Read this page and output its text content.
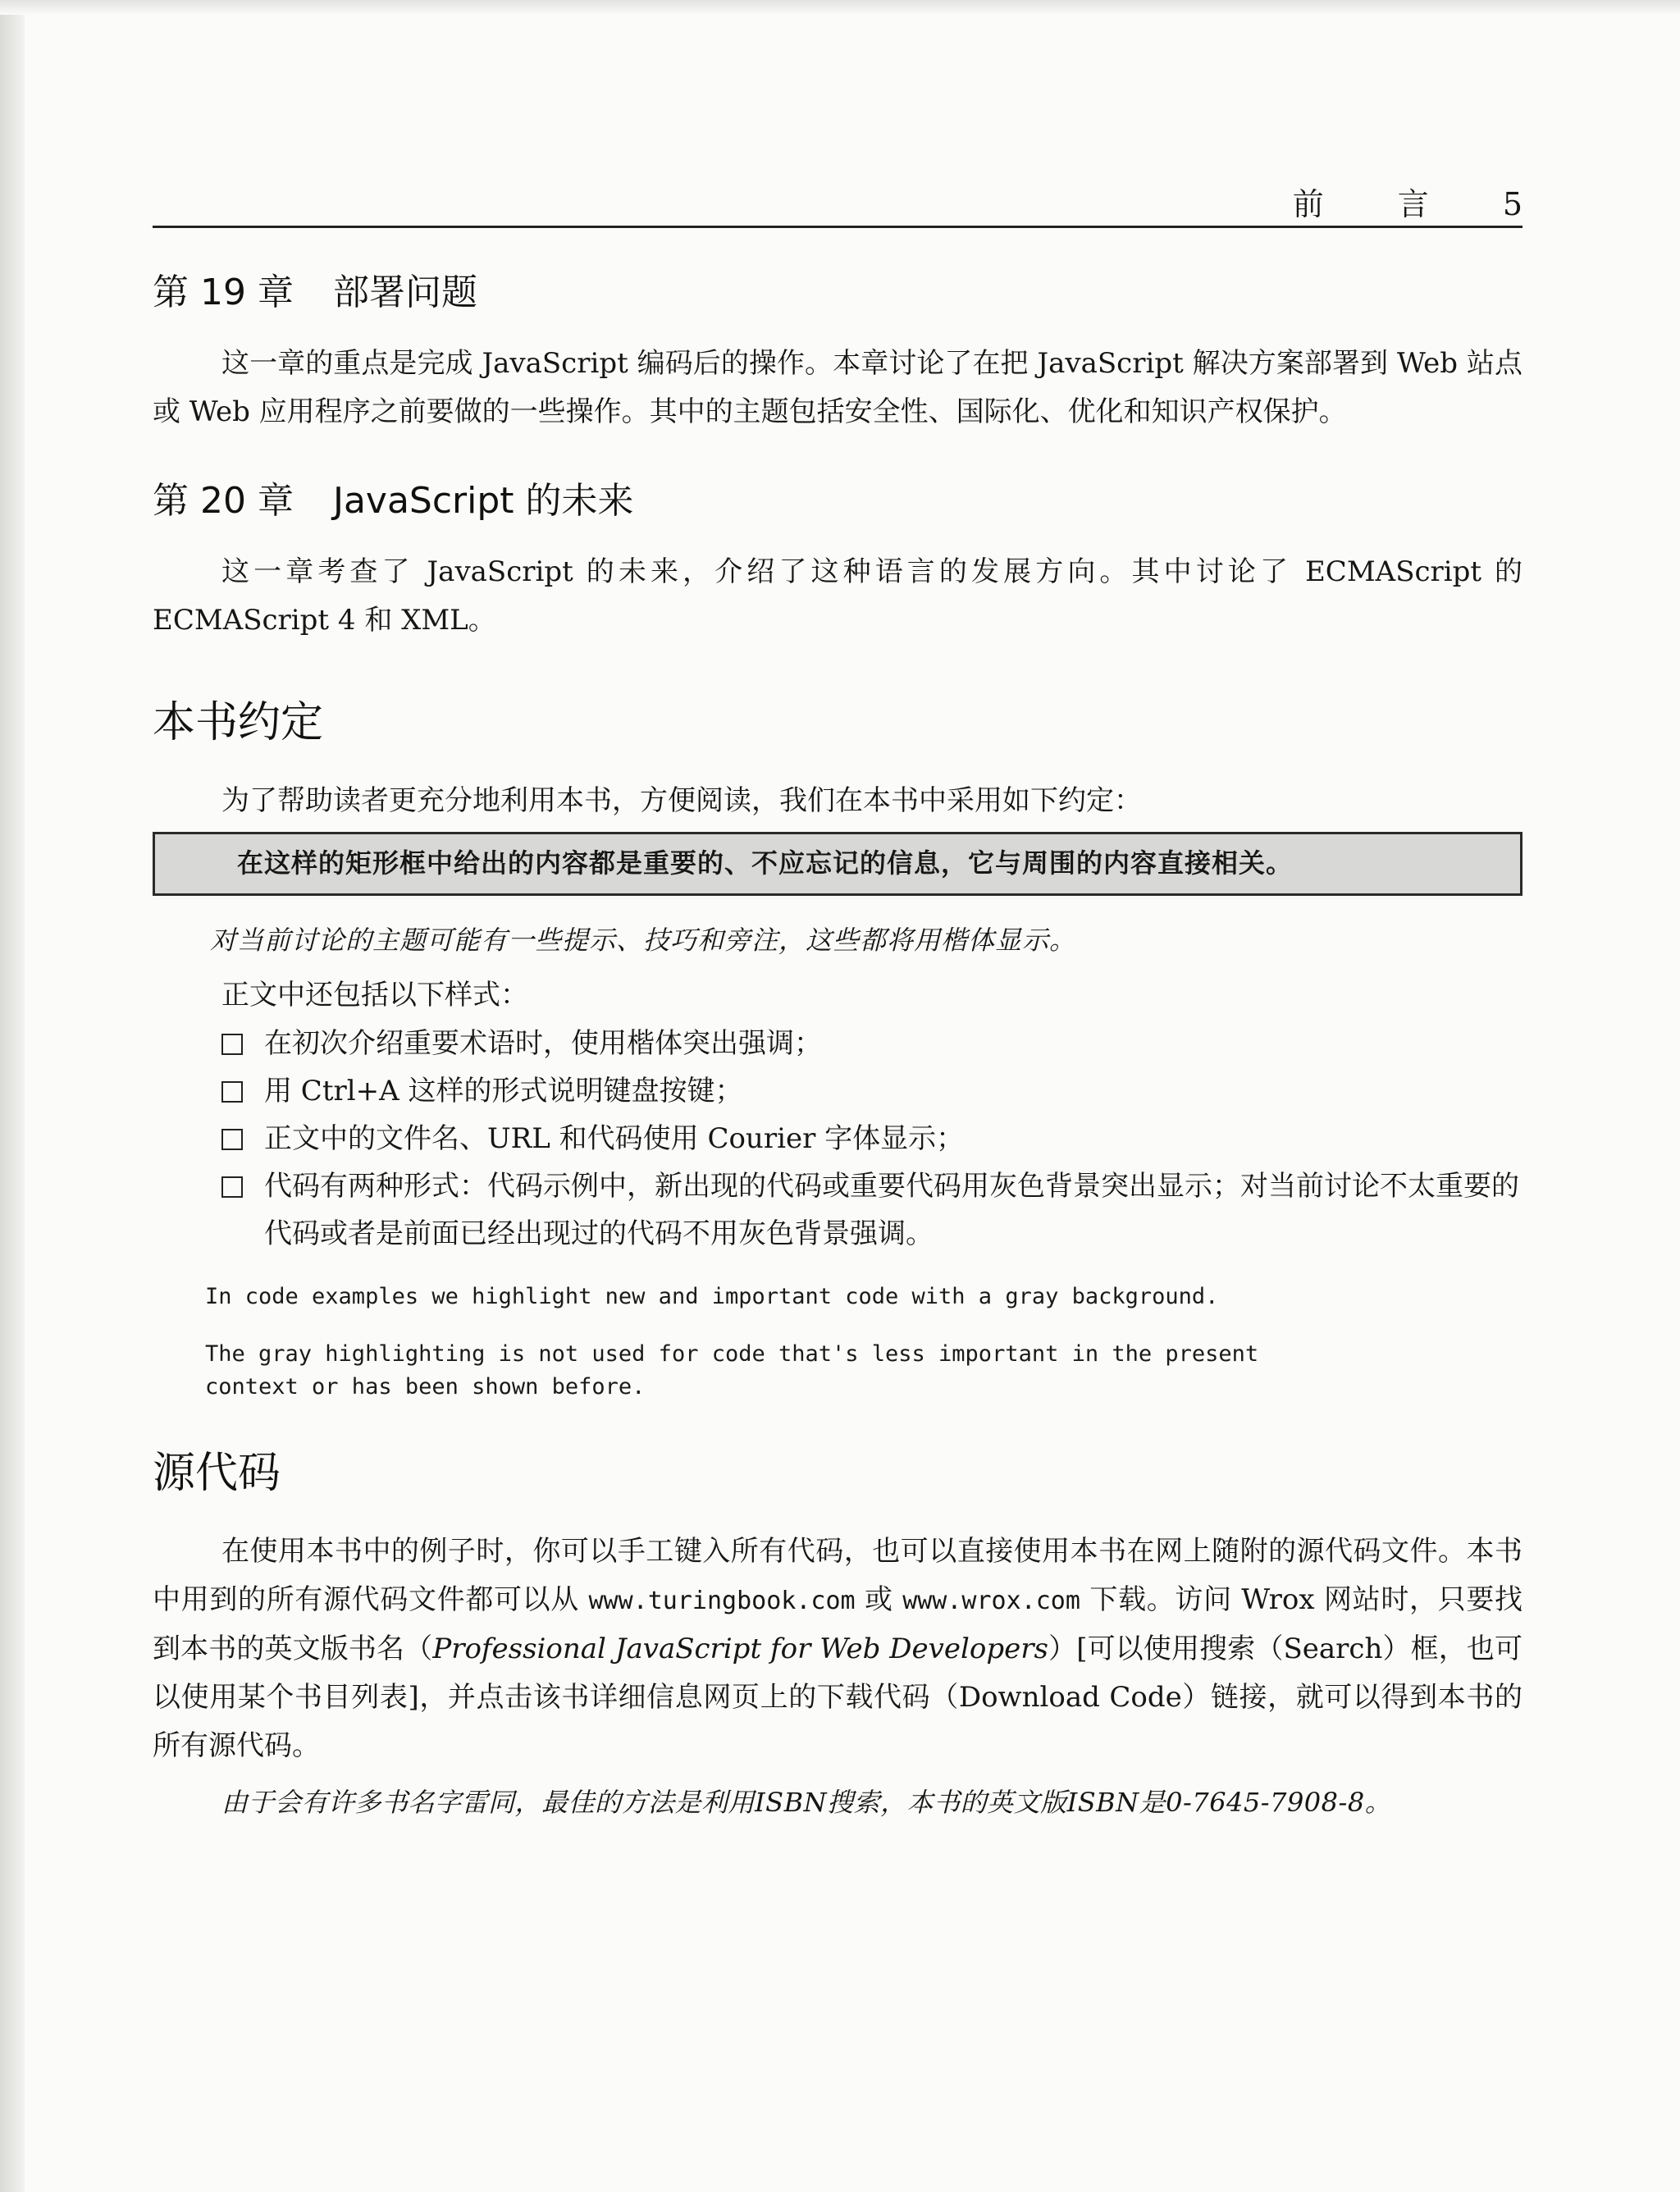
前 言 5
第 19 章 部署问题

这一章的重点是完成 JavaScript 编码后的操作。本章讨论了在把 JavaScript 解决方案部署到 Web 站点或 Web 应用程序之前要做的一些操作。其中的主题包括安全性、国际化、优化和知识产权保护。

第 20 章 JavaScript 的未来

这一章考查了 JavaScript 的未来，介绍了这种语言的发展方向。其中讨论了 ECMAScript 的 ECMAScript 4 和 XML。

本书约定

为了帮助读者更充分地利用本书，方便阅读，我们在本书中采用如下约定：

在这样的矩形框中给出的内容都是重要的、不应忘记的信息，它与周围的内容直接相关。

对当前讨论的主题可能有一些提示、技巧和旁注，这些都将用楷体显示。

正文中还包括以下样式：

在初次介绍重要术语时，使用楷体突出强调；
用 Ctrl+A 这样的形式说明键盘按键；
正文中的文件名、URL 和代码使用 Courier 字体显示；
代码有两种形式：代码示例中，新出现的代码或重要代码用灰色背景突出显示；对当前讨论不太重要的代码或者是前面已经出现过的代码不用灰色背景强调。

In code examples we highlight new and important code with a gray background.

The gray highlighting is not used for code that's less important in the present
context or has been shown before.

源代码

在使用本书中的例子时，你可以手工键入所有代码，也可以直接使用本书在网上随附的源代码文件。本书中用到的所有源代码文件都可以从 www.turingbook.com 或 www.wrox.com 下载。访问 Wrox 网站时，只要找到本书的英文版书名（Professional JavaScript for Web Developers）[可以使用搜索（Search）框，也可以使用某个书目列表]，并点击该书详细信息网页上的下载代码（Download Code）链接，就可以得到本书的所有源代码。

由于会有许多书名字雷同，最佳的方法是利用ISBN搜索，本书的英文版ISBN是0-7645-7908-8。
